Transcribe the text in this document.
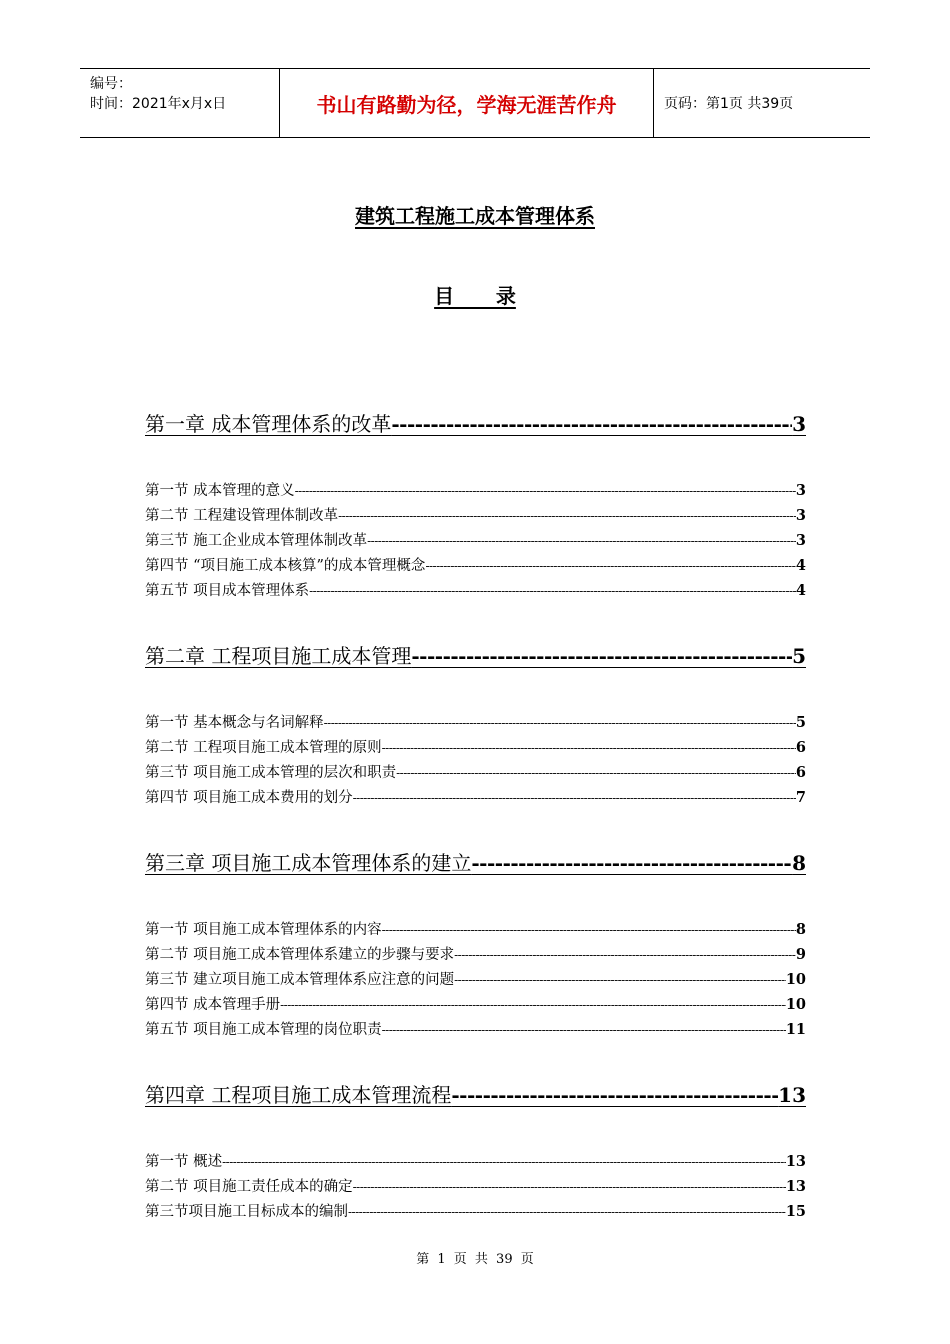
编号：
时间：2021年x月x日	书山有路勤为径，学海无涯苦作舟	页码：第1页 共39页
建筑工程施工成本管理体系
目      录
第一章 成本管理体系的改革 -----	3
第一节 成本管理的意义 -----	3
第二节 工程建设管理体制改革 -----	3
第三节 施工企业成本管理体制改革 -----	3
第四节 “项目施工成本核算”的成本管理概念 -----	4
第五节 项目成本管理体系 -----	4
第二章 工程项目施工成本管理 -----	5
第一节 基本概念与名词解释 -----	5
第二节 工程项目施工成本管理的原则 -----	6
第三节 项目施工成本管理的层次和职责 -----	6
第四节 项目施工成本费用的划分 -----	7
第三章 项目施工成本管理体系的建立 -----	8
第一节 项目施工成本管理体系的内容 -----	8
第二节 项目施工成本管理体系建立的步骤与要求 -----	9
第三节 建立项目施工成本管理体系应注意的问题 -----	10
第四节 成本管理手册 -----	10
第五节 项目施工成本管理的岗位职责 -----	11
第四章 工程项目施工成本管理流程 -----	13
第一节 概述 -----	13
第二节 项目施工责任成本的确定 -----	13
第三节项目施工目标成本的编制 -----	15
第 1 页 共 39 页
